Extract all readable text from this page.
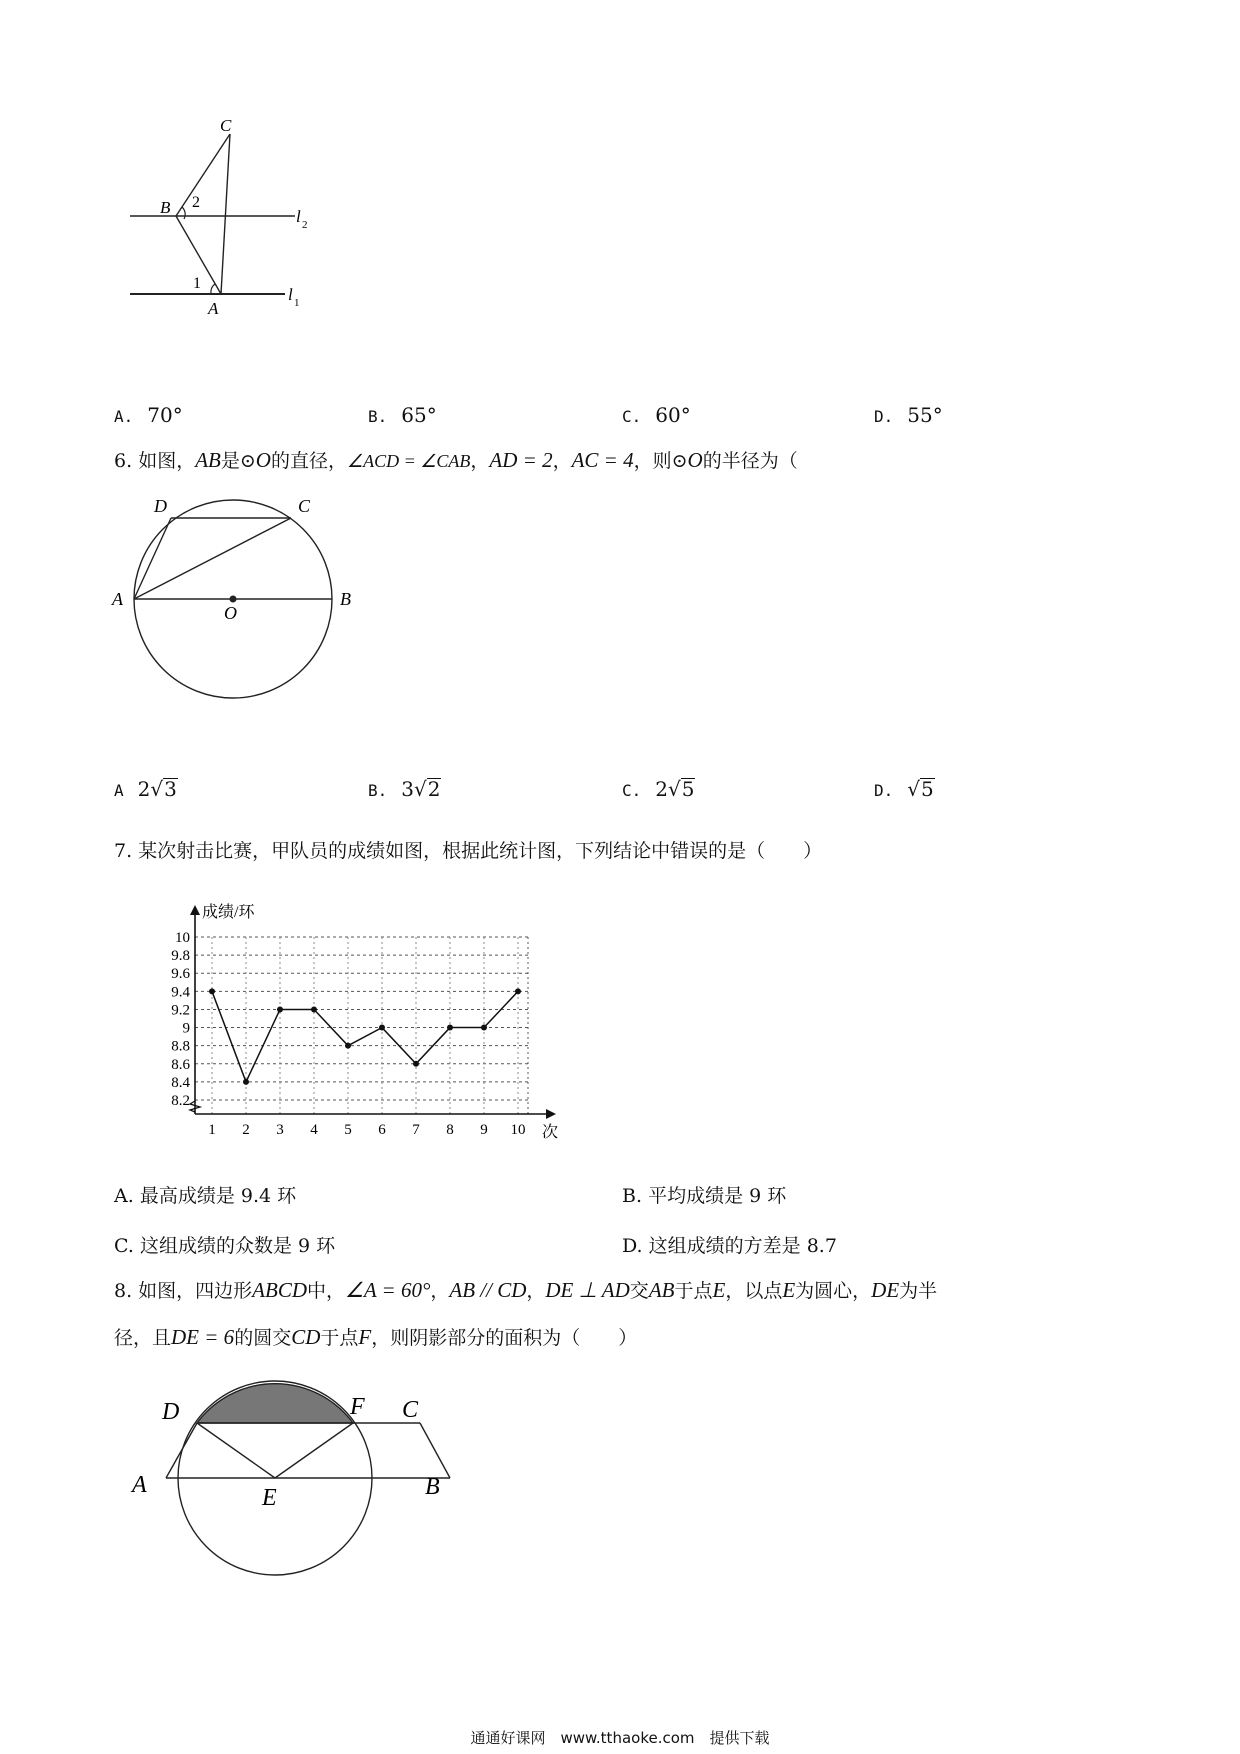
C
B 2
1
A
l 2
l 1
A. 70°	B. 65°	C. 60°	D. 55°
6. 如图，AB是⊙O的直径，∠ACD = ∠CAB，AD = 2，AC = 4，则⊙O的半径为（
D	C
A
O
B
A 2√3	B. 3√2	C. 2√5	D. √5
7. 某次射击比赛，甲队员的成绩如图，根据此统计图，下列结论中错误的是（　　）
10
9.8
9.6
9.4
9.2
9
8.8
8.6
8.4
8.2
1 2 3 4 5 6 7 8 9 10
成绩/环
次
A. 最高成绩是 9.4 环	B. 平均成绩是 9 环
C. 这组成绩的众数是 9 环	D. 这组成绩的方差是 8.7
8. 如图，四边形ABCD中，∠A = 60°，AB // CD，DE ⊥ AD交AB于点E，以点E为圆心，DE为半
径，且DE = 6的圆交CD于点F，则阴影部分的面积为（　　）
D	F C
A	E	B
通通好课网　www.tthaoke.com　提供下载
